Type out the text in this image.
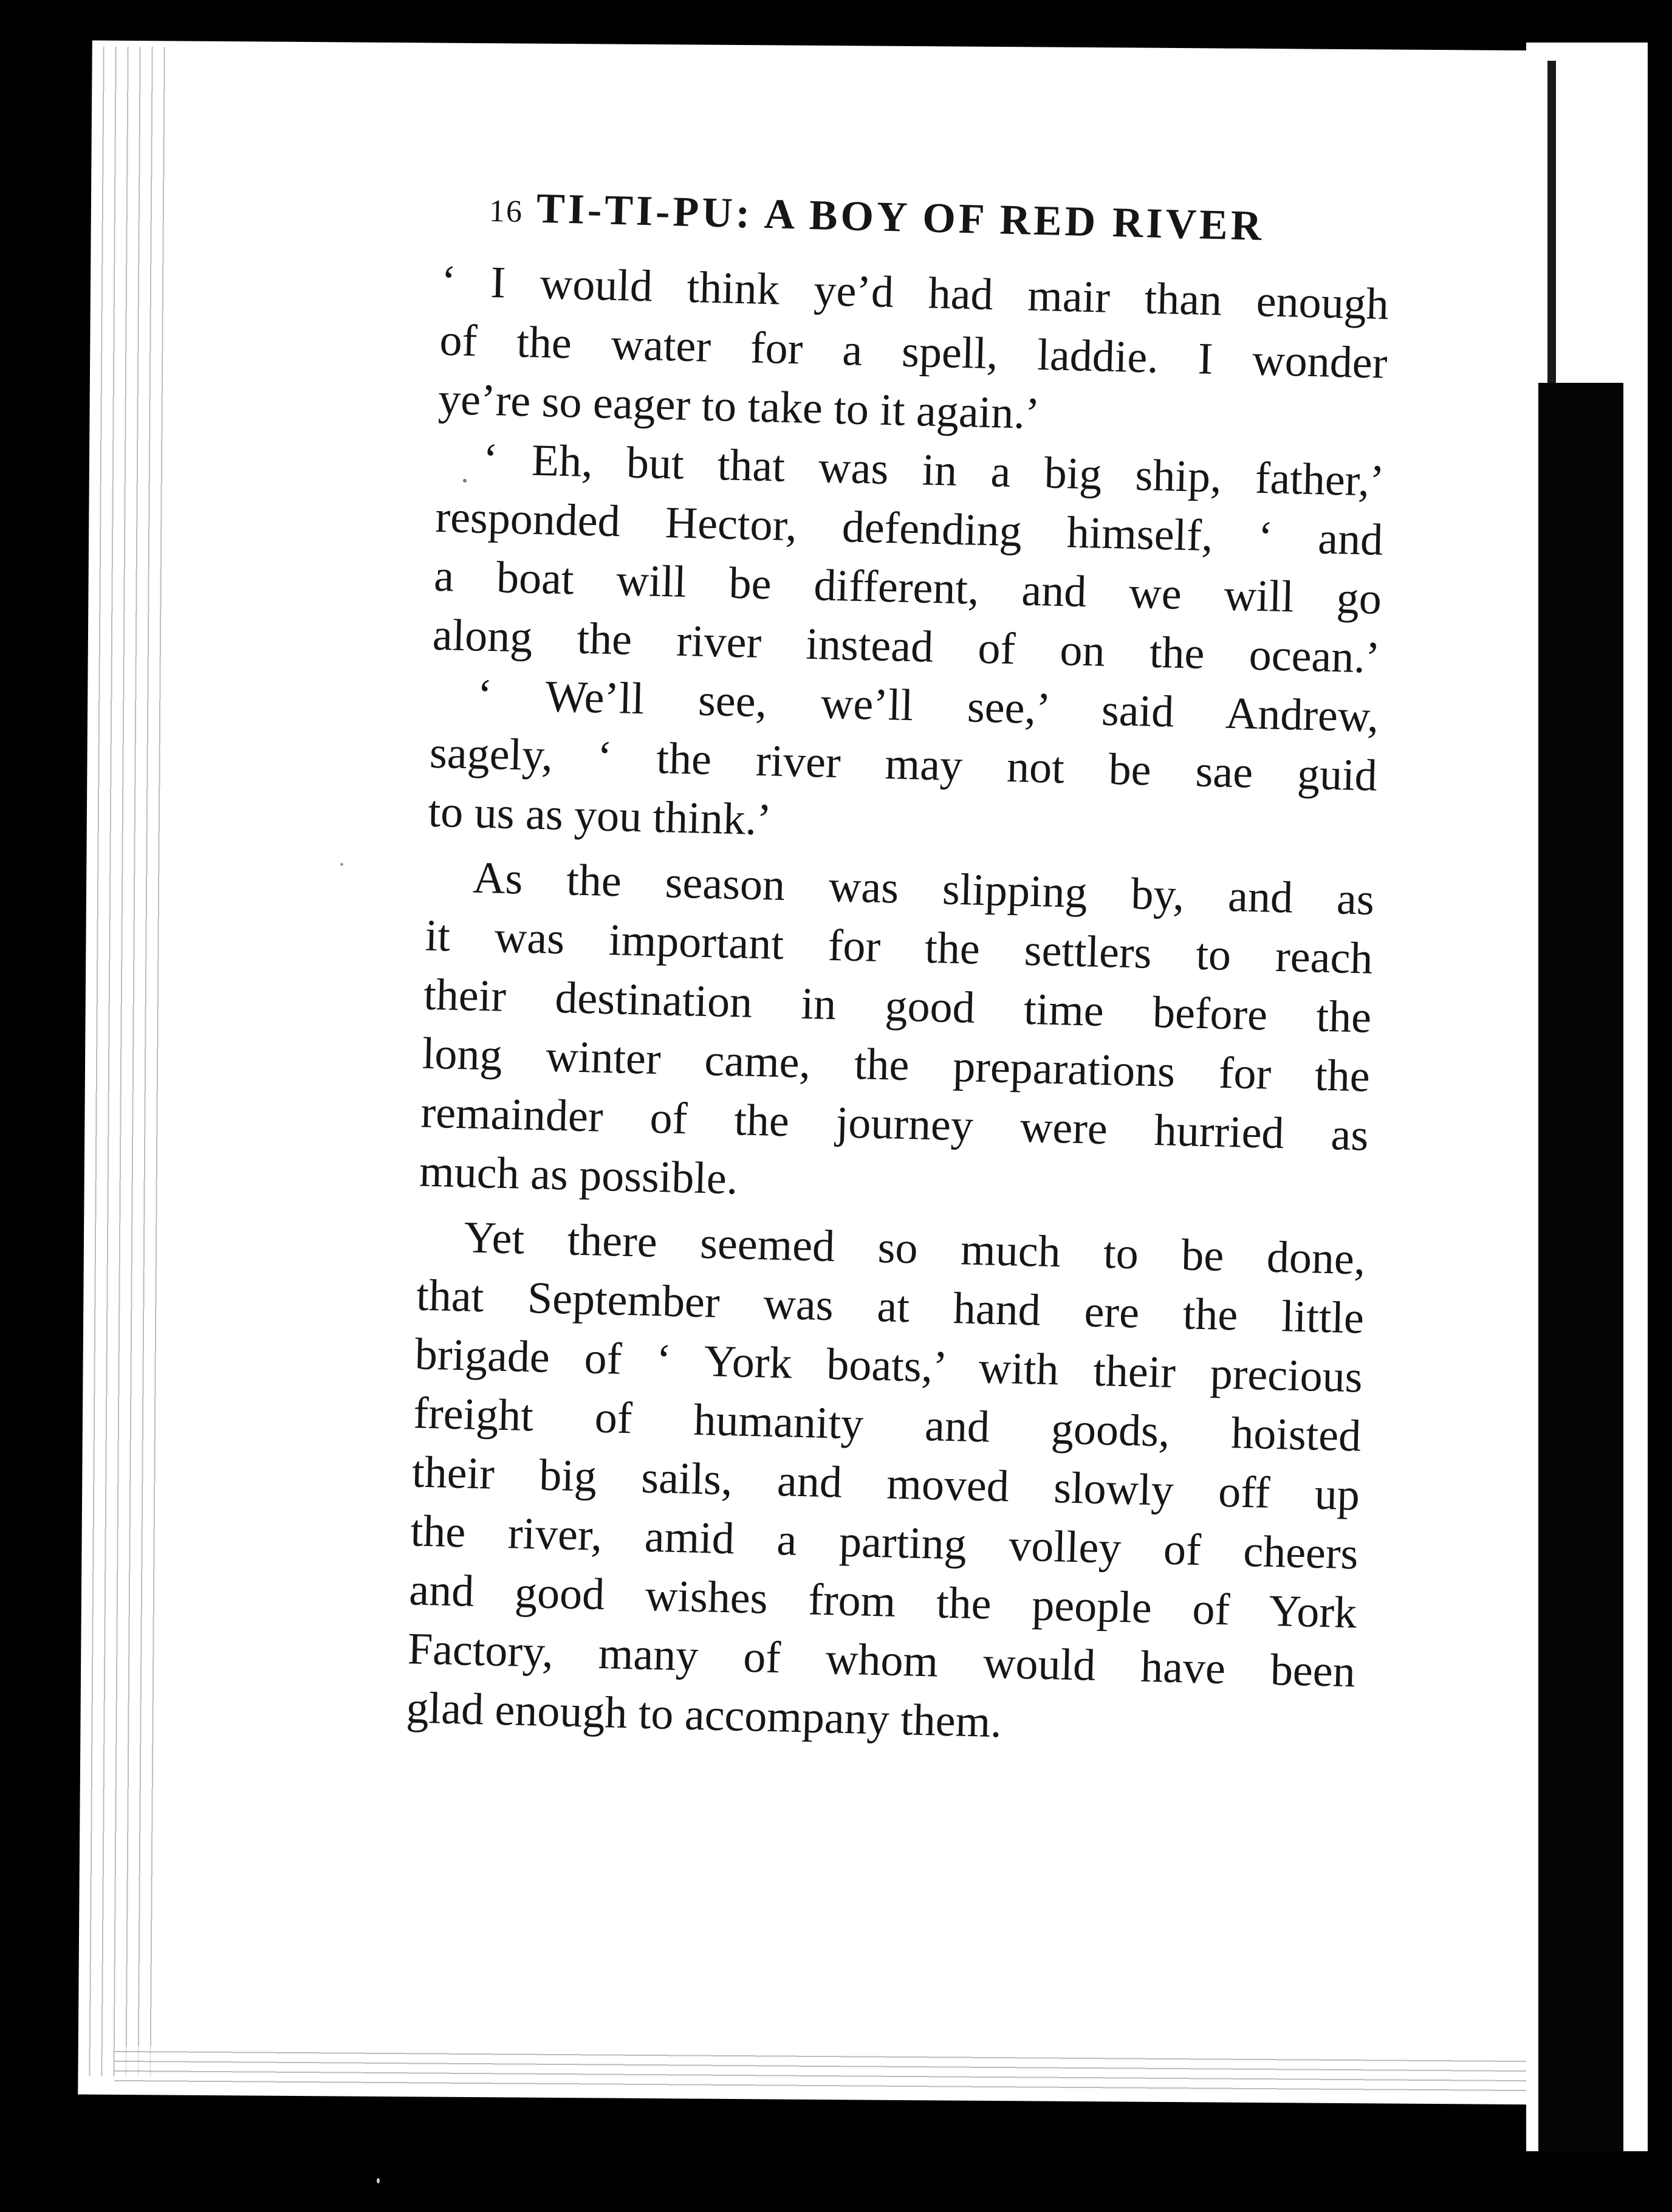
16 TI-TI-PU: A BOY OF RED RIVER
‘ I would think ye’d had mair than enough
of the water for a spell, laddie. I wonder
ye’re so eager to take to it again.’
‘ Eh, but that was in a big ship, father,’
responded Hector, defending himself, ‘ and
a boat will be different, and we will go
along the river instead of on the ocean.’
‘ We’ll see, we’ll see,’ said Andrew,
sagely, ‘ the river may not be sae guid
to us as you think.’
As the season was slipping by, and as
it was important for the settlers to reach
their destination in good time before the
long winter came, the preparations for the
remainder of the journey were hurried as
much as possible.
Yet there seemed so much to be done,
that September was at hand ere the little
brigade of ‘ York boats,’ with their precious
freight of humanity and goods, hoisted
their big sails, and moved slowly off up
the river, amid a parting volley of cheers
and good wishes from the people of York
Factory, many of whom would have been
glad enough to accompany them.
